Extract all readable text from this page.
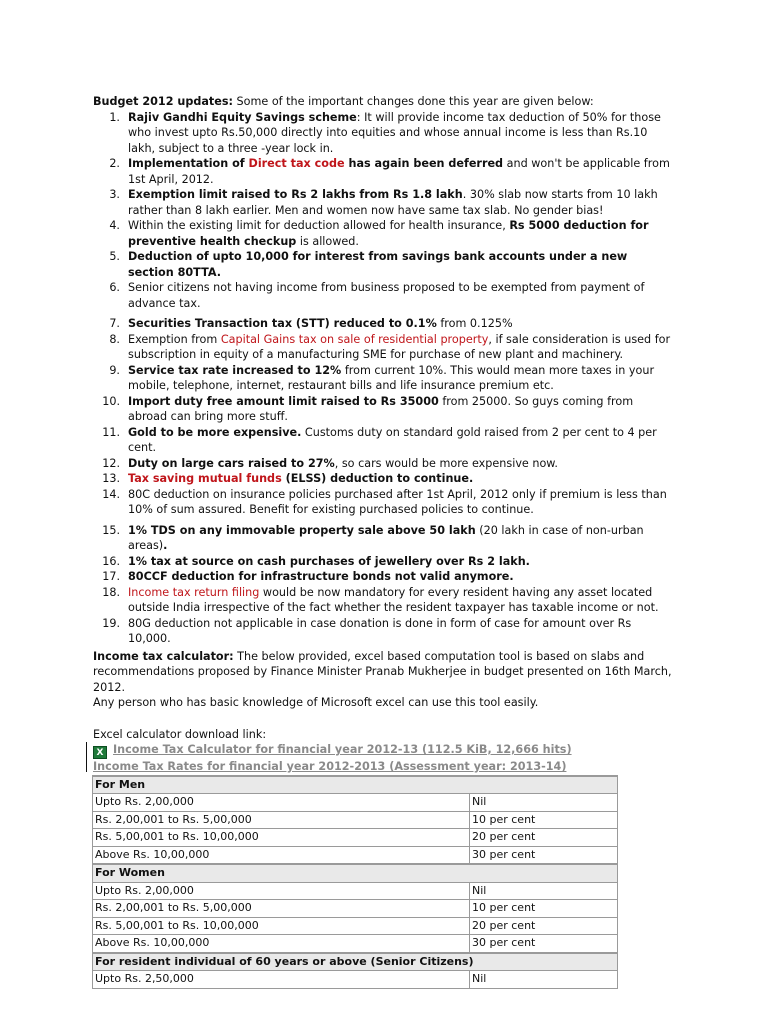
Budget 2012 updates: Some of the important changes done this year are given below:
1. Rajiv Gandhi Equity Savings scheme: It will provide income tax deduction of 50% for those who invest upto Rs.50,000 directly into equities and whose annual income is less than Rs.10 lakh, subject to a three -year lock in.
2. Implementation of Direct tax code has again been deferred and won't be applicable from 1st April, 2012.
3. Exemption limit raised to Rs 2 lakhs from Rs 1.8 lakh. 30% slab now starts from 10 lakh rather than 8 lakh earlier. Men and women now have same tax slab. No gender bias!
4. Within the existing limit for deduction allowed for health insurance, Rs 5000 deduction for preventive health checkup is allowed.
5. Deduction of upto 10,000 for interest from savings bank accounts under a new section 80TTA.
6. Senior citizens not having income from business proposed to be exempted from payment of advance tax.
7. Securities Transaction tax (STT) reduced to 0.1% from 0.125%
8. Exemption from Capital Gains tax on sale of residential property, if sale consideration is used for subscription in equity of a manufacturing SME for purchase of new plant and machinery.
9. Service tax rate increased to 12% from current 10%. This would mean more taxes in your mobile, telephone, internet, restaurant bills and life insurance premium etc.
10. Import duty free amount limit raised to Rs 35000 from 25000. So guys coming from abroad can bring more stuff.
11. Gold to be more expensive. Customs duty on standard gold raised from 2 per cent to 4 per cent.
12. Duty on large cars raised to 27%, so cars would be more expensive now.
13. Tax saving mutual funds (ELSS) deduction to continue.
14. 80C deduction on insurance policies purchased after 1st April, 2012 only if premium is less than 10% of sum assured. Benefit for existing purchased policies to continue.
15. 1% TDS on any immovable property sale above 50 lakh (20 lakh in case of non-urban areas).
16. 1% tax at source on cash purchases of jewellery over Rs 2 lakh.
17. 80CCF deduction for infrastructure bonds not valid anymore.
18. Income tax return filing would be now mandatory for every resident having any asset located outside India irrespective of the fact whether the resident taxpayer has taxable income or not.
19. 80G deduction not applicable in case donation is done in form of case for amount over Rs 10,000.
Income tax calculator: The below provided, excel based computation tool is based on slabs and recommendations proposed by Finance Minister Pranab Mukherjee in budget presented on 16th March, 2012.
Any person who has basic knowledge of Microsoft excel can use this tool easily.
Excel calculator download link:
X Income Tax Calculator for financial year 2012-13 (112.5 KiB, 12,666 hits)
Income Tax Rates for financial year 2012-2013 (Assessment year: 2013-14)
For Men	
Upto Rs. 2,00,000	Nil
Rs. 2,00,001 to Rs. 5,00,000	10 per cent
Rs. 5,00,001 to Rs. 10,00,000	20 per cent
Above Rs. 10,00,000	30 per cent
For Women	
Upto Rs. 2,00,000	Nil
Rs. 2,00,001 to Rs. 5,00,000	10 per cent
Rs. 5,00,001 to Rs. 10,00,000	20 per cent
Above Rs. 10,00,000	30 per cent
For resident individual of 60 years or above (Senior Citizens)	
Upto Rs. 2,50,000	Nil
